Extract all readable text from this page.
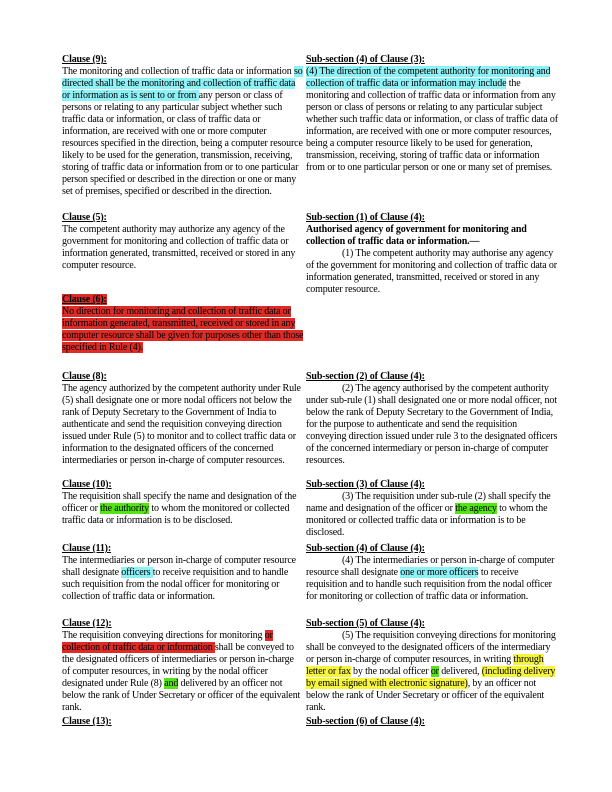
Clause (9):
The monitoring and collection of traffic data or information so directed shall be the monitoring and collection of traffic data or information as is sent to or from any person or class of persons or relating to any particular subject whether such traffic data or information, or class of traffic data or information, are received with one or more computer resources specified in the direction, being a computer resource likely to be used for the generation, transmission, receiving, storing of traffic data or information from or to one particular person specified or described in the direction or one or many set of premises, specified or described in the direction.
Sub-section (4) of Clause (3):
(4) The direction of the competent authority for monitoring and collection of traffic data or information may include the monitoring and collection of traffic data or information from any person or class of persons or relating to any particular subject whether such traffic data or information, or class of traffic data of information, are received with one or more computer resources, being a computer resource likely to be used for generation, transmission, receiving, storing of traffic data or information from or to one particular person or one or many set of premises.
Clause (5):
The competent authority may authorize any agency of the government for monitoring and collection of traffic data or information generated, transmitted, received or stored in any computer resource.
Clause (6):
No direction for monitoring and collection of traffic data or information generated, transmitted, received or stored in any computer resource shall be given for purposes other than those specified in Rule (4).
Sub-section (1) of Clause (4):
Authorised agency of government for monitoring and collection of traffic data or information.—
(1) The competent authority may authorise any agency of the government for monitoring and collection of traffic data or information generated, transmitted, received or stored in any computer resource.
Clause (8):
The agency authorized by the competent authority under Rule (5) shall designate one or more nodal officers not below the rank of Deputy Secretary to the Government of India to authenticate and send the requisition conveying direction issued under Rule (5) to monitor and to collect traffic data or information to the designated officers of the concerned intermediaries or person in-charge of computer resources.
Sub-section (2) of Clause (4):
(2) The agency authorised by the competent authority under sub-rule (1) shall designated one or more nodal officer, not below the rank of Deputy Secretary to the Government of India, for the purpose to authenticate and send the requisition conveying direction issued under rule 3 to the designated officers of the concerned intermediary or person in-charge of computer resources.
Clause (10):
The requisition shall specify the name and designation of the officer or the authority to whom the monitored or collected traffic data or information is to be disclosed.
Sub-section (3) of Clause (4):
(3) The requisition under sub-rule (2) shall specify the name and designation of the officer or the agency to whom the monitored or collected traffic data or information is to be disclosed.
Clause (11):
The intermediaries or person in-charge of computer resource shall designate officers to receive requisition and to handle such requisition from the nodal officer for monitoring or collection of traffic data or information.
Sub-section (4) of Clause (4):
(4) The intermediaries or person in-charge of computer resource shall designate one or more officers to receive requisition and to handle such requisition from the nodal officer for monitoring or collection of traffic data or information.
Clause (12):
The requisition conveying directions for monitoring or collection of traffic data or information shall be conveyed to the designated officers of intermediaries or person in-charge of computer resources, in writing by the nodal officer designated under Rule (8) and delivered by an officer not below the rank of Under Secretary or officer of the equivalent rank.
Sub-section (5) of Clause (4):
(5) The requisition conveying directions for monitoring shall be conveyed to the designated officers of the intermediary or person in-charge of computer resources, in writing through letter or fax by the nodal officer or delivered, (including delivery by email signed with electronic signature), by an officer not below the rank of Under Secretary or officer of the equivalent rank.
Clause (13):	Sub-section (6) of Clause (4):
